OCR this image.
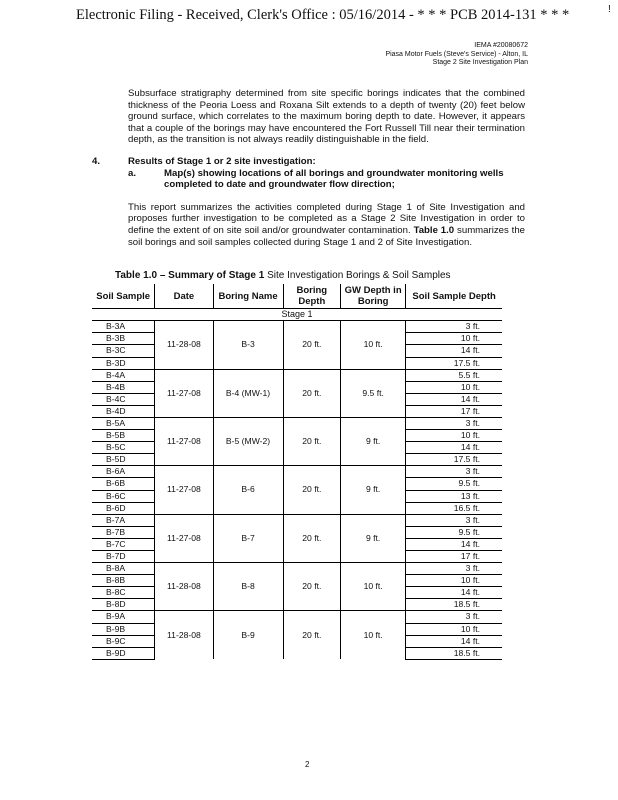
Electronic Filing - Received, Clerk's Office : 05/16/2014 - * * * PCB 2014-131 * * *	!
IEMA #20080672
Piasa Motor Fuels (Steve's Service) - Alton, IL
Stage 2 Site Investigation Plan
Subsurface stratigraphy determined from site specific borings indicates that the combined thickness of the Peoria Loess and Roxana Silt extends to a depth of twenty (20) feet below ground surface, which correlates to the maximum boring depth to date. However, it appears that a couple of the borings may have encountered the Fort Russell Till near their termination depth, as the transition is not always readily distinguishable in the field.
4.	Results of Stage 1 or 2 site investigation:
a.	Map(s) showing locations of all borings and groundwater monitoring wells completed to date and groundwater flow direction;
This report summarizes the activities completed during Stage 1 of Site Investigation and proposes further investigation to be completed as a Stage 2 Site Investigation in order to define the extent of on site soil and/or groundwater contamination. Table 1.0 summarizes the soil borings and soil samples collected during Stage 1 and 2 of Site Investigation.
Table 1.0 – Summary of Stage 1 Site Investigation Borings & Soil Samples
Soil Sample	Date	Boring Name	Boring Depth	GW Depth in Boring	Soil Sample Depth
Stage 1					
B-3A	11-28-08	B-3	20 ft.	10 ft.	3 ft.
B-3B					10 ft.
B-3C					14 ft.
B-3D					17.5 ft.
B-4A	11-27-08	B-4 (MW-1)	20 ft.	9.5 ft.	5.5 ft.
B-4B					10 ft.
B-4C					14 ft.
B-4D					17 ft.
B-5A	11-27-08	B-5 (MW-2)	20 ft.	9 ft.	3 ft.
B-5B					10 ft.
B-5C					14 ft.
B-5D					17.5 ft.
B-6A	11-27-08	B-6	20 ft.	9 ft.	3 ft.
B-6B					9.5 ft.
B-6C					13 ft.
B-6D					16.5 ft.
B-7A	11-27-08	B-7	20 ft.	9 ft.	3 ft.
B-7B					9.5 ft.
B-7C					14 ft.
B-7D					17 ft.
B-8A	11-28-08	B-8	20 ft.	10 ft.	3 ft.
B-8B					10 ft.
B-8C					14 ft.
B-8D					18.5 ft.
B-9A	11-28-08	B-9	20 ft.	10 ft.	3 ft.
B-9B					10 ft.
B-9C					14 ft.
B-9D					18.5 ft.
2
